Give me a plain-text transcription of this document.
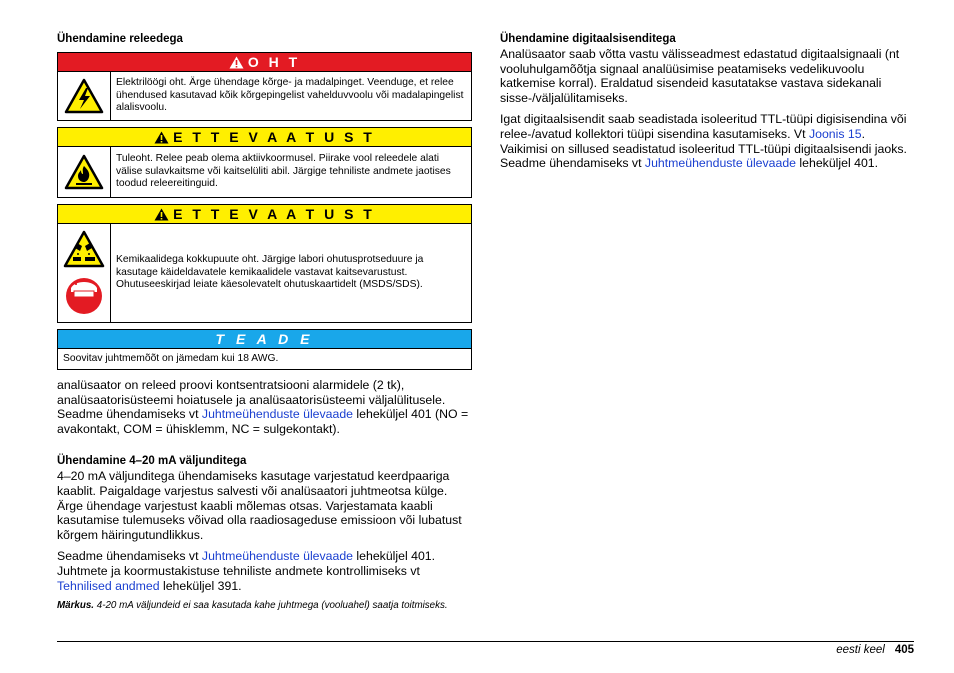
Ühendamine releedega
O H T
Elektrilöögi oht. Ärge ühendage kõrge- ja madalpinget. Veenduge, et relee ühendused kasutavad kõik kõrgepingelist vahelduvvoolu või madalapingelist alalisvoolu.
E T T E V A A T U S T
Tuleoht. Relee peab olema aktiivkoormusel. Piirake vool releedele alati välise sulavkaitsme või kaitselüliti abil. Järgige tehniliste andmete jaotises toodud releereitinguid.
E T T E V A A T U S T
Kemikaalidega kokkupuute oht. Järgige labori ohutusprotseduure ja kasutage käideldavatele kemikaalidele vastavat kaitsevarustust. Ohutuseeskirjad leiate käesolevatelt ohutuskaartidelt (MSDS/SDS).
T E A D E
Soovitav juhtmemõõt on jämedam kui 18 AWG.

analüsaator on releed proovi kontsentratsiooni alarmidele (2 tk), analüsaatorisüsteemi hoiatusele ja analüsaatorisüsteemi väljalülitusele. Seadme ühendamiseks vt Juhtmeühenduste ülevaade leheküljel 401 (NO = avakontakt, COM = ühisklemm, NC = sulgekontakt).

Ühendamine 4–20 mA väljunditega

4–20 mA väljunditega ühendamiseks kasutage varjestatud keerdpaariga kaablit. Paigaldage varjestus salvesti või analüsaatori juhtmeotsa külge. Ärge ühendage varjestust kaabli mõlemas otsas. Varjestamata kaabli kasutamise tulemuseks võivad olla raadiosageduse emissioon või lubatust kõrgem häiringutundlikkus.

Seadme ühendamiseks vt Juhtmeühenduste ülevaade leheküljel 401. Juhtmete ja koormustakistuse tehniliste andmete kontrollimiseks vt Tehnilised andmed leheküljel 391.

Märkus. 4-20 mA väljundeid ei saa kasutada kahe juhtmega (vooluahel) saatja toitmiseks.

Ühendamine digitaalsisenditega

Analüsaator saab võtta vastu välisseadmest edastatud digitaalsignaali (nt vooluhulgamõõtja signaal analüüsimise peatamiseks vedelikuvoolu katkemise korral). Eraldatud sisendeid kasutatakse vastava sidekanali sisse-/väljalülitamiseks.

Igat digitaalsisendit saab seadistada isoleeritud TTL-tüüpi digisisendina või relee-/avatud kollektori tüüpi sisendina kasutamiseks. Vt Joonis 15. Vaikimisi on sillused seadistatud isoleeritud TTL-tüüpi digitaalsisendi jaoks. Seadme ühendamiseks vt Juhtmeühenduste ülevaade leheküljel 401.

eesti keel 405
